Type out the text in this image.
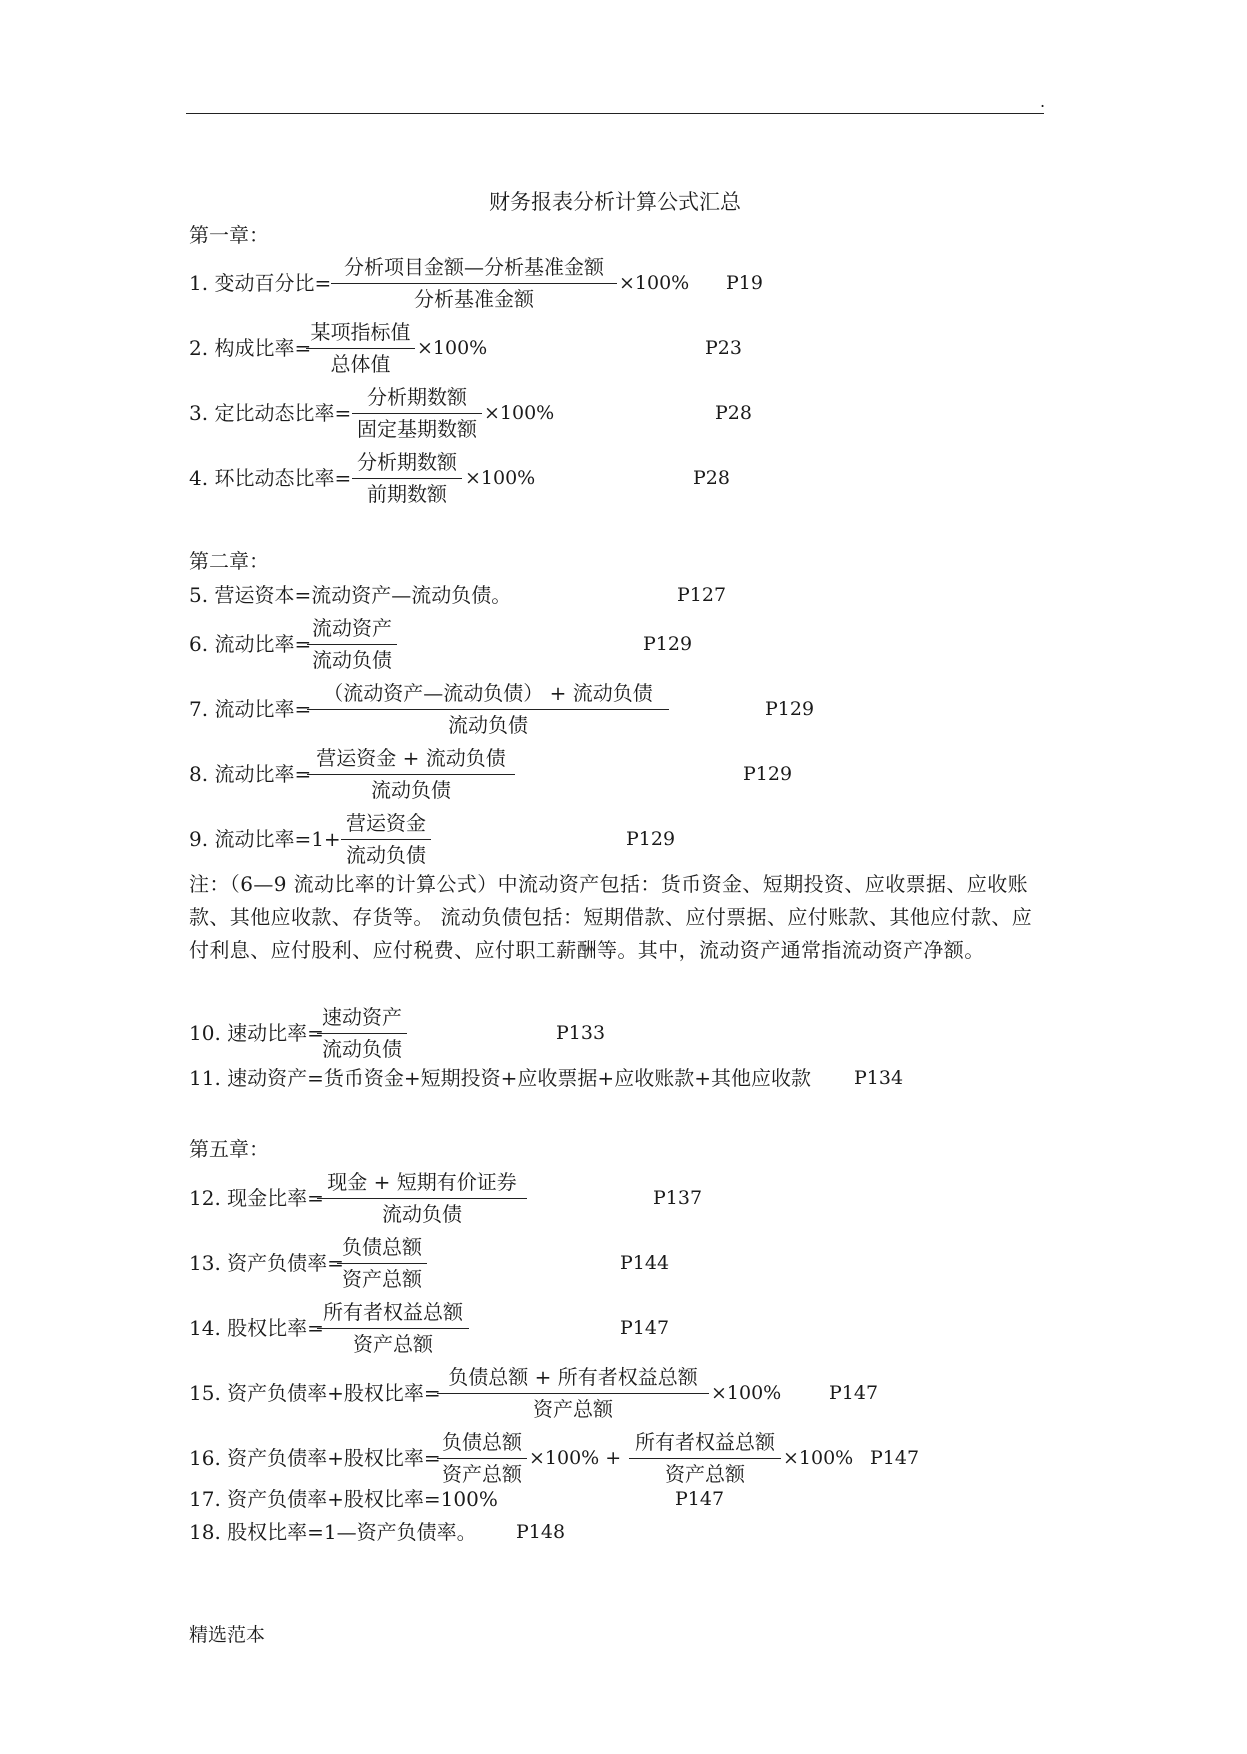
.
财务报表分析计算公式汇总
第一章：
1. 变动百分比=
分析项目金额—分析基准金额
分析基准金额
×100% P19
2. 构成比率=
某项指标值
总体值
×100%	P23
3. 定比动态比率=
分析期数额
固定基期数额
×100%	P28
4. 环比动态比率=
分析期数额
前期数额
×100%	P28
第二章：
5. 营运资本=流动资产—流动负债。	P127
6. 流动比率=
流动资产
流动负债
P129
7. 流动比率=
（流动资产—流动负债） + 流动负债
流动负债
P129
8. 流动比率=
营运资金 + 流动负债
流动负债
P129
9. 流动比率=1+
营运资金
流动负债
P129
注：（6—9 流动比率的计算公式）中流动资产包括：货币资金、短期投资、应收票据、应收账款、其他应收款、存货等。 流动负债包括：短期借款、应付票据、应付账款、其他应付款、应付利息、应付股利、应付税费、应付职工薪酬等。其中，流动资产通常指流动资产净额。
10. 速动比率=
速动资产
流动负债
P133
11. 速动资产=货币资金+短期投资+应收票据+应收账款+其他应收款 P134
第五章：
12. 现金比率=
现金 + 短期有价证券
流动负债
P137
13. 资产负债率=
负债总额
资产总额
P144
14. 股权比率=
所有者权益总额
资产总额
P147
15. 资产负债率+股权比率=
负债总额 + 所有者权益总额
资产总额
×100%	P147
16. 资产负债率+股权比率=
负债总额
资产总额
×100% +
所有者权益总额
资产总额
×100% P147
17. 资产负债率+股权比率=100%	P147
18. 股权比率=1—资产负债率。 P148
精选范本
